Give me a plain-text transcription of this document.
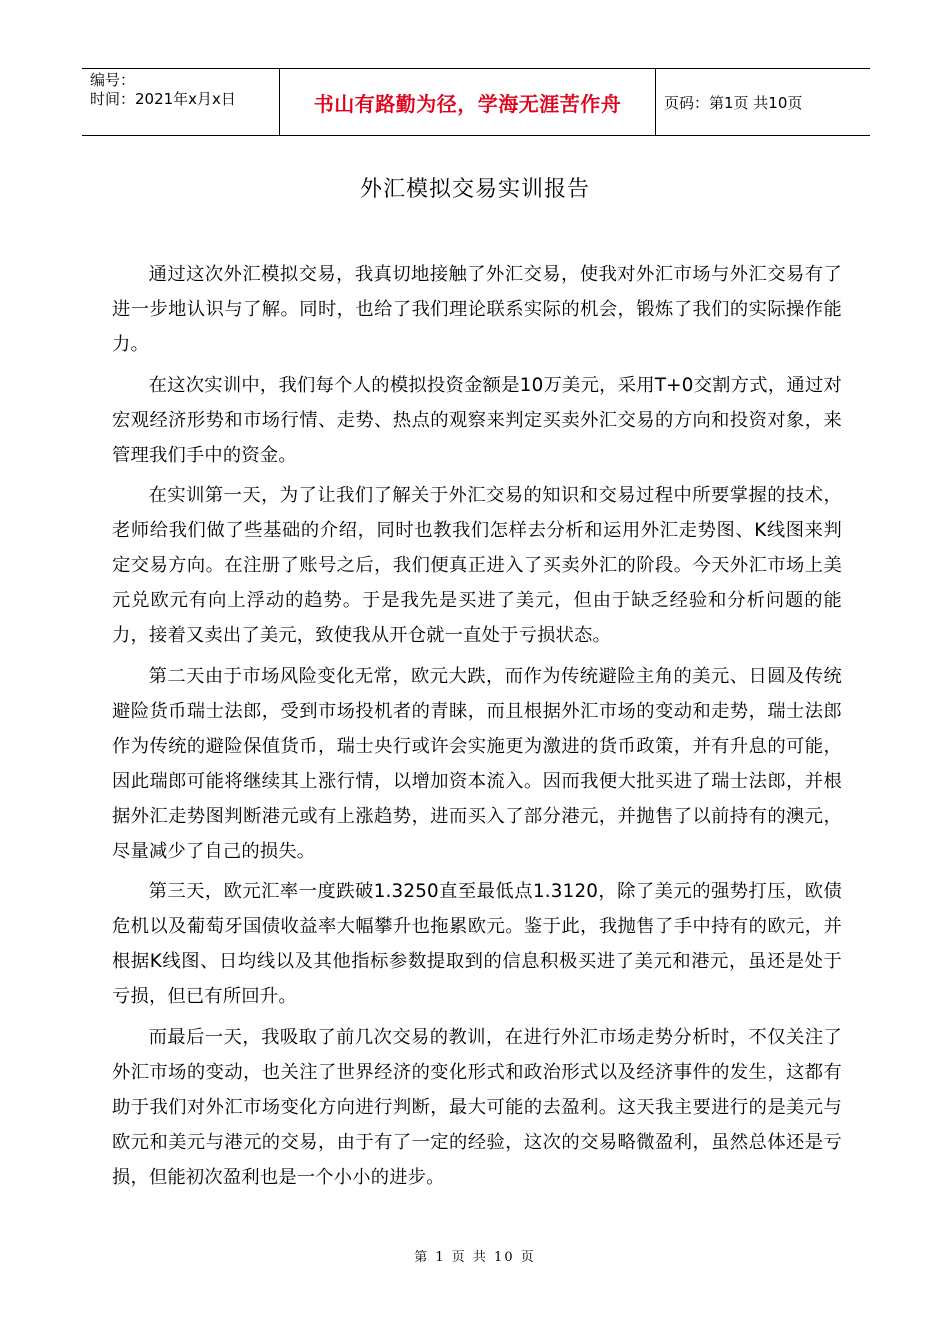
编号：
时间：2021年x月x日	书山有路勤为径，学海无涯苦作舟	页码：第1页 共10页
外汇模拟交易实训报告

通过这次外汇模拟交易，我真切地接触了外汇交易，使我对外汇市场与外汇交易有了进一步地认识与了解。同时，也给了我们理论联系实际的机会，锻炼了我们的实际操作能力。

在这次实训中，我们每个人的模拟投资金额是10万美元，采用T+0交割方式，通过对宏观经济形势和市场行情、走势、热点的观察来判定买卖外汇交易的方向和投资对象，来管理我们手中的资金。

在实训第一天，为了让我们了解关于外汇交易的知识和交易过程中所要掌握的技术，老师给我们做了些基础的介绍，同时也教我们怎样去分析和运用外汇走势图、K线图来判定交易方向。在注册了账号之后，我们便真正进入了买卖外汇的阶段。今天外汇市场上美元兑欧元有向上浮动的趋势。于是我先是买进了美元，但由于缺乏经验和分析问题的能力，接着又卖出了美元，致使我从开仓就一直处于亏损状态。

第二天由于市场风险变化无常，欧元大跌，而作为传统避险主角的美元、日圆及传统避险货币瑞士法郎，受到市场投机者的青睐，而且根据外汇市场的变动和走势，瑞士法郎作为传统的避险保值货币，瑞士央行或许会实施更为激进的货币政策，并有升息的可能，因此瑞郎可能将继续其上涨行情，以增加资本流入。因而我便大批买进了瑞士法郎，并根据外汇走势图判断港元或有上涨趋势，进而买入了部分港元，并抛售了以前持有的澳元，尽量减少了自己的损失。

第三天，欧元汇率一度跌破1.3250直至最低点1.3120，除了美元的强势打压，欧债危机以及葡萄牙国债收益率大幅攀升也拖累欧元。鉴于此，我抛售了手中持有的欧元，并根据K线图、日均线以及其他指标参数提取到的信息积极买进了美元和港元，虽还是处于亏损，但已有所回升。

而最后一天，我吸取了前几次交易的教训，在进行外汇市场走势分析时，不仅关注了外汇市场的变动，也关注了世界经济的变化形式和政治形式以及经济事件的发生，这都有助于我们对外汇市场变化方向进行判断，最大可能的去盈利。这天我主要进行的是美元与欧元和美元与港元的交易，由于有了一定的经验，这次的交易略微盈利，虽然总体还是亏损，但能初次盈利也是一个小小的进步。

第 1 页 共 10 页
